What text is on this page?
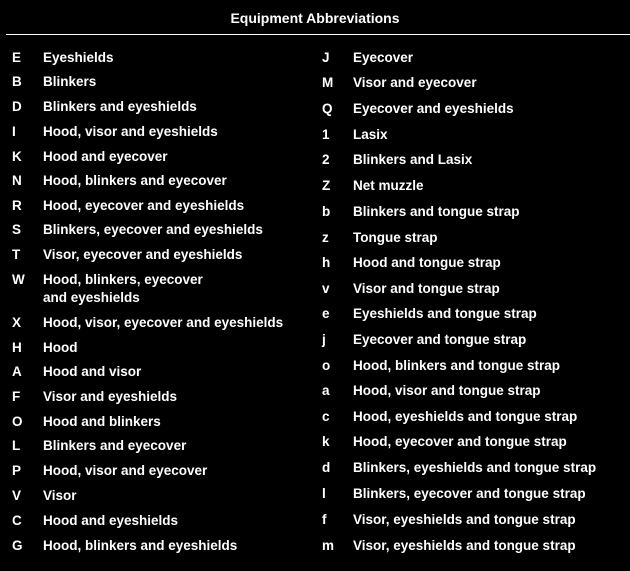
Equipment Abbreviations
E	Eyeshields
B	Blinkers
D	Blinkers and eyeshields
I	Hood, visor and eyeshields
K	Hood and eyecover
N	Hood, blinkers and eyecover
R	Hood, eyecover and eyeshields
S	Blinkers, eyecover and eyeshields
T	Visor, eyecover and eyeshields
W	Hood, blinkers, eyecover
and eyeshields
X	Hood, visor, eyecover and eyeshields
H	Hood
A	Hood and visor
F	Visor and eyeshields
O	Hood and blinkers
L	Blinkers and eyecover
P	Hood, visor and eyecover
V	Visor
C	Hood and eyeshields
G	Hood, blinkers and eyeshields
J	Eyecover
M	Visor and eyecover
Q	Eyecover and eyeshields
1	Lasix
2	Blinkers and Lasix
Z	Net muzzle
b	Blinkers and tongue strap
z	Tongue strap
h	Hood and tongue strap
v	Visor and tongue strap
e	Eyeshields and tongue strap
j	Eyecover and tongue strap
o	Hood, blinkers and tongue strap
a	Hood, visor and tongue strap
c	Hood, eyeshields and tongue strap
k	Hood, eyecover and tongue strap
d	Blinkers, eyeshields and tongue strap
l	Blinkers, eyecover and tongue strap
f	Visor, eyeshields and tongue strap
m	Visor, eyeshields and tongue strap
